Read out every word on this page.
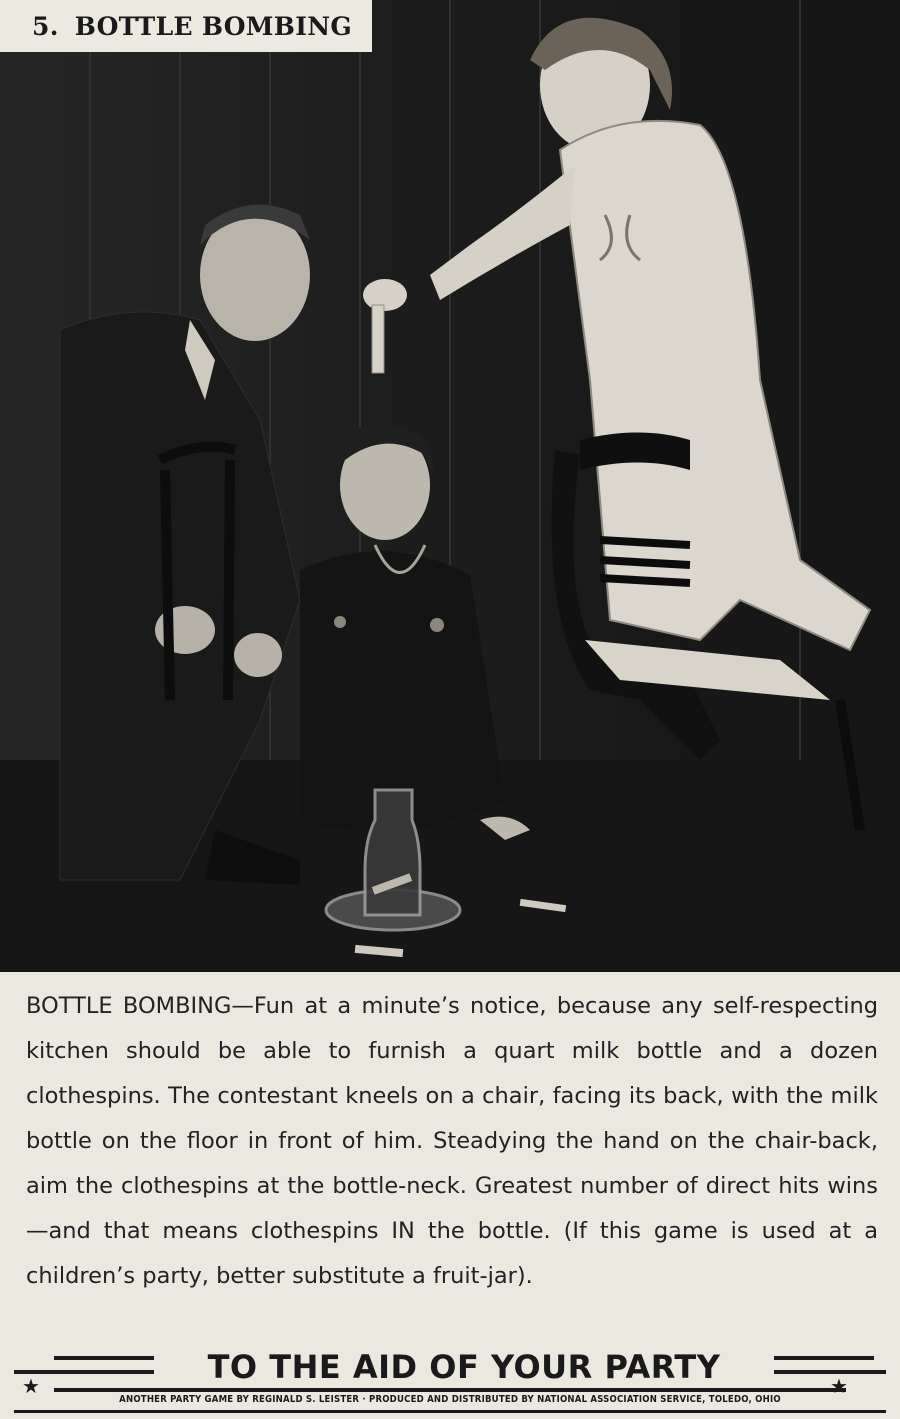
5. BOTTLE BOMBING
BOTTLE BOMBING—Fun at a minute’s notice, because any self-respecting kitchen should be able to furnish a quart milk bottle and a dozen clothespins. The contestant kneels on a chair, facing its back, with the milk bottle on the floor in front of him. Steadying the hand on the chair-back, aim the clothespins at the bottle-neck. Greatest number of direct hits wins—and that means clothespins IN the bottle. (If this game is used at a children’s party, better substitute a fruit-jar).
TO THE AID OF YOUR PARTY
★	★
ANOTHER PARTY GAME BY REGINALD S. LEISTER · PRODUCED AND DISTRIBUTED BY NATIONAL ASSOCIATION SERVICE, TOLEDO, OHIO
